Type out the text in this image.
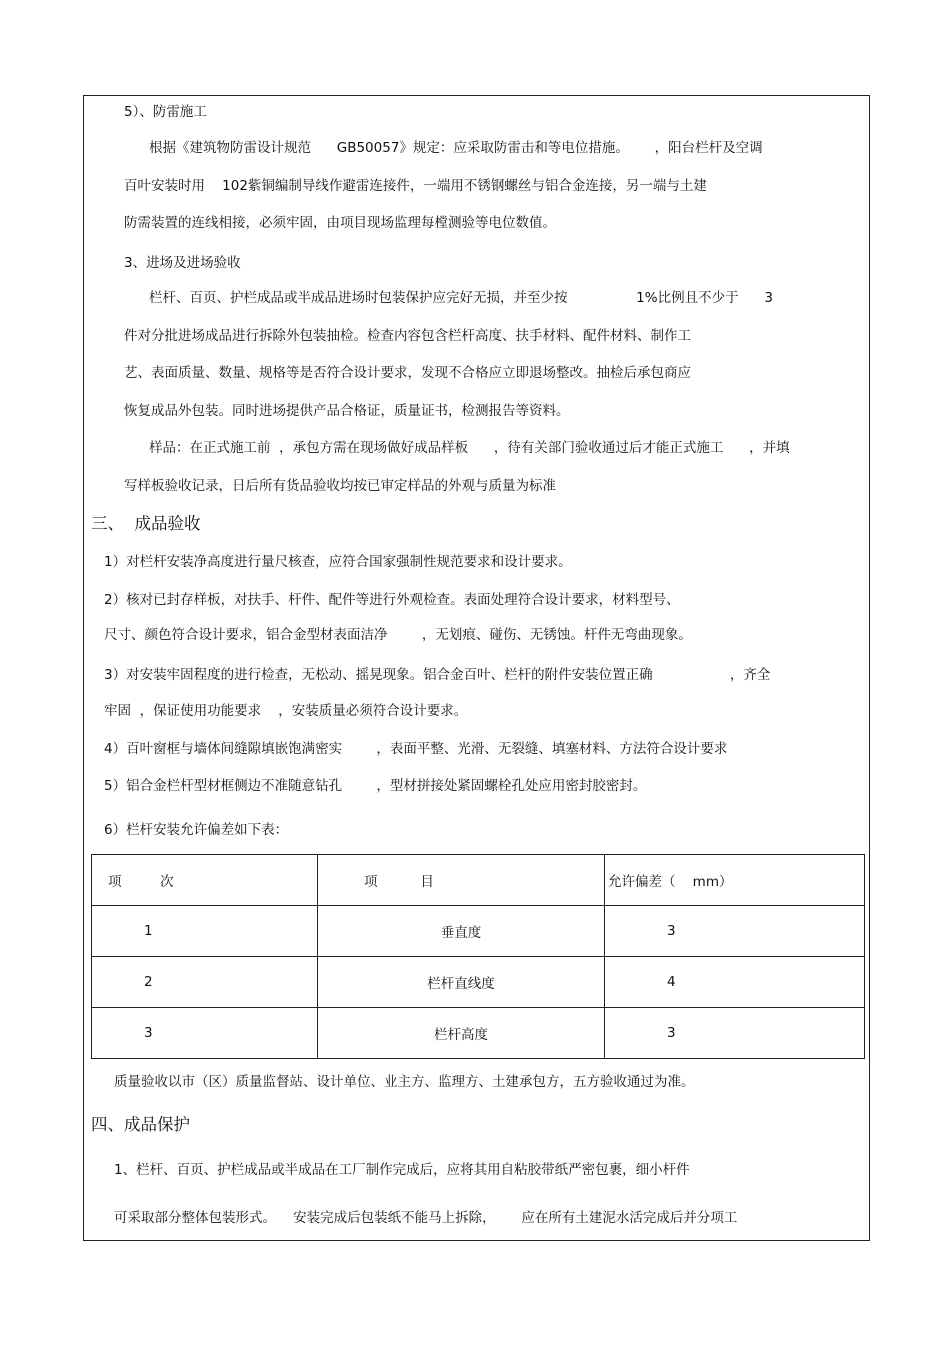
5）、防雷施工
根据《建筑物防雷设计规范      GB50057》规定：应采取防雷击和等电位措施。      ，阳台栏杆及空调
百叶安装时用    102紫铜编制导线作避雷连接件，一端用不锈钢螺丝与铝合金连接，另一端与土建
防需装置的连线相接，必须牢固，由项目现场监理每樘测验等电位数值。
3、进场及进场验收
栏杆、百页、护栏成品或半成品进场时包装保护应完好无损，并至少按                1%比例且不少于      3
件对分批进场成品进行拆除外包装抽检。检查内容包含栏杆高度、扶手材料、配件材料、制作工
艺、表面质量、数量、规格等是否符合设计要求，发现不合格应立即退场整改。抽检后承包商应
恢复成品外包装。同时进场提供产品合格证，质量证书，检测报告等资料。
样品：在正式施工前  ，承包方需在现场做好成品样板      ，待有关部门验收通过后才能正式施工      ，并填
写样板验收记录，日后所有货品验收均按已审定样品的外观与质量为标准
三、  成品验收
1）对栏杆安装净高度进行量尺核查，应符合国家强制性规范要求和设计要求。
2）核对已封存样板，对扶手、杆件、配件等进行外观检查。表面处理符合设计要求，材料型号、
尺寸、颜色符合设计要求，铝合金型材表面洁净        ，无划痕、碰伤、无锈蚀。杆件无弯曲现象。
3）对安装牢固程度的进行检查，无松动、摇晃现象。铝合金百叶、栏杆的附件安装位置正确                  ，齐全
牢固  ，保证使用功能要求    ，安装质量必须符合设计要求。
4）百叶窗框与墙体间缝隙填嵌饱满密实        ，表面平整、光滑、无裂缝、填塞材料、方法符合设计要求
5）铝合金栏杆型材框侧边不准随意钻孔        ，型材拼接处紧固螺栓孔处应用密封胶密封。
6）栏杆安装允许偏差如下表：
项         次	项          目	允许偏差（    mm）
1	垂直度	3
2	栏杆直线度	4
3	栏杆高度	3
质量验收以市（区）质量监督站、设计单位、业主方、监理方、土建承包方，五方验收通过为准。
四、成品保护
1、栏杆、百页、护栏成品或半成品在工厂制作完成后，应将其用自粘胶带纸严密包裹，细小杆件
可采取部分整体包装形式。    安装完成后包装纸不能马上拆除，      应在所有土建泥水活完成后并分项工
